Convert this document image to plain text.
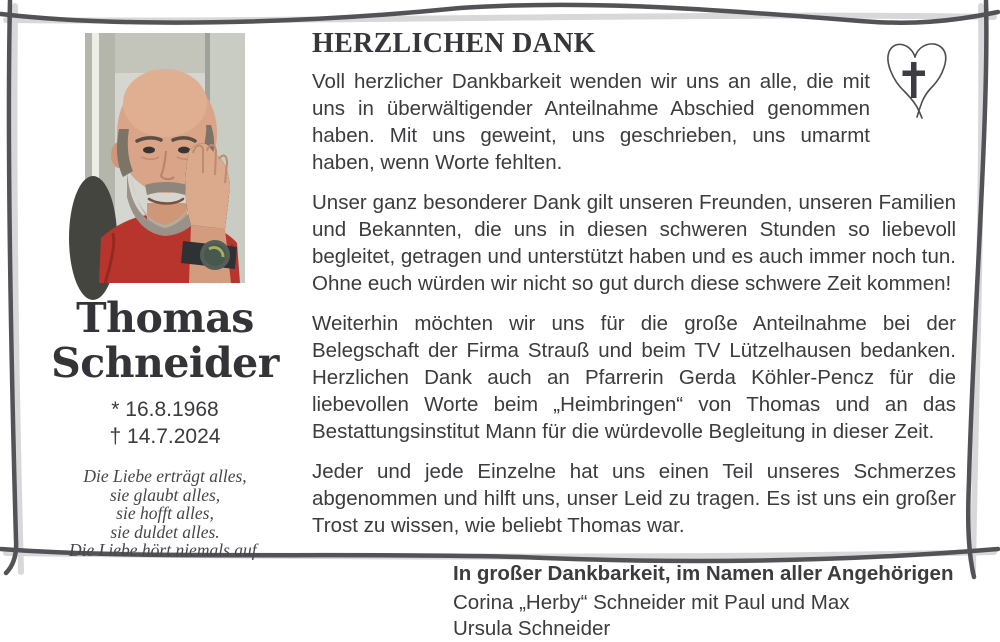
Thomas
Schneider
* 16.8.1968
† 14.7.2024
Die Liebe erträgt alles,
sie glaubt alles,
sie hofft alles,
sie duldet alles.
Die Liebe hört niemals auf.
HERZLICHEN DANK

Voll herzlicher Dankbarkeit wenden wir uns an alle, die mit uns in überwältigender Anteilnahme Abschied genommen haben. Mit uns geweint, uns geschrieben, uns umarmt haben, wenn Worte fehlten.

Unser ganz besonderer Dank gilt unseren Freunden, unseren Familien und Bekannten, die uns in diesen schweren Stunden so liebevoll begleitet, getragen und unterstützt haben und es auch immer noch tun. Ohne euch würden wir nicht so gut durch diese schwere Zeit kommen!

Weiterhin möchten wir uns für die große Anteilnahme bei der Belegschaft der Firma Strauß und beim TV Lützelhausen bedanken. Herzlichen Dank auch an Pfarrerin Gerda Köhler-Pencz für die liebevollen Worte beim „Heimbringen“ von Thomas und an das Bestattungsinstitut Mann für die würdevolle Begleitung in dieser Zeit.

Jeder und jede Einzelne hat uns einen Teil unseres Schmerzes abgenommen und hilft uns, unser Leid zu tragen. Es ist uns ein großer Trost zu wissen, wie beliebt Thomas war.

In großer Dankbarkeit, im Namen aller Angehörigen
Corina „Herby“ Schneider mit Paul und Max
Ursula Schneider
